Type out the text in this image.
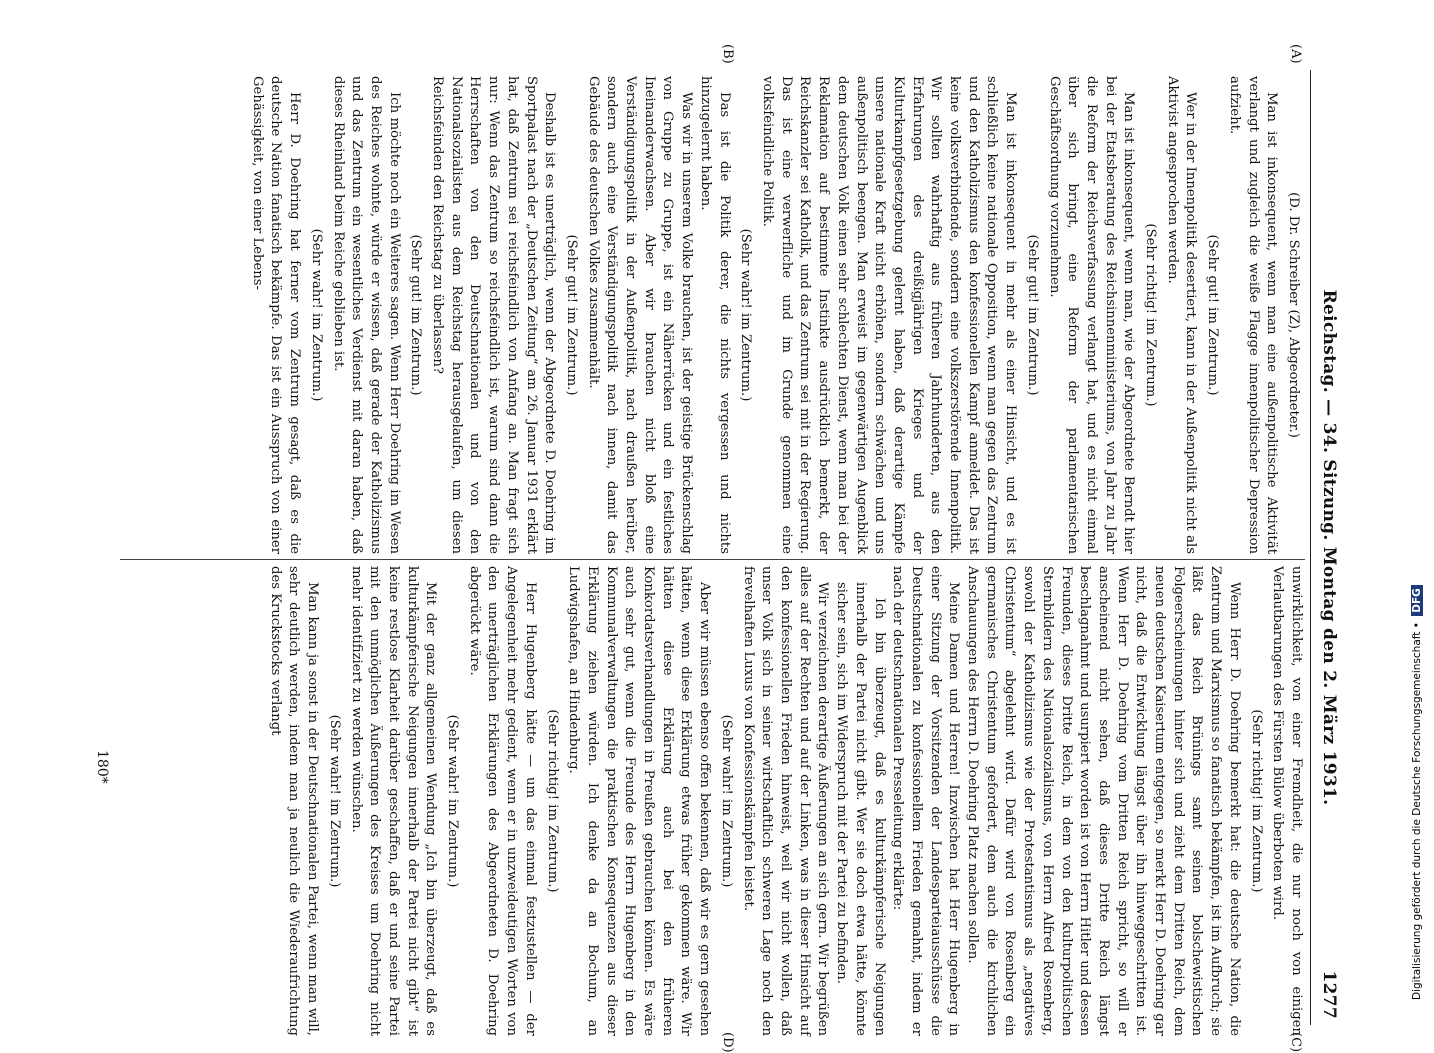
Reichstag. — 34. Sitzung. Montag den 2. März 1931.
1277
(A)
(B)
(C)
(D)

(D. Dr. Schreiber (Z), Abgeordneter.)

Man ist inkonsequent, wenn man eine außenpolitische Aktivität verlangt und zugleich die weiße Flagge innenpolitischer Depression aufzieht.

(Sehr gut! im Zentrum.)

Wer in der Innenpolitik desertiert, kann in der Außenpolitik nicht als Aktivist angesprochen werden.

(Sehr richtig! im Zentrum.)

Man ist inkonsequent, wenn man, wie der Abgeordnete Berndt hier bei der Etatsberatung des Reichsinnenministeriums, von Jahr zu Jahr die Reform der Reichsverfassung verlangt hat, und es nicht einmal über sich bringt, eine Reform der parlamentarischen Geschäftsordnung vorzunehmen.

(Sehr gut! im Zentrum.)

Man ist inkonsequent in mehr als einer Hinsicht, und es ist schließlich keine nationale Opposition, wenn man gegen das Zentrum und den Katholizismus den konfessionellen Kampf anmeldet. Das ist keine volksverbindende, sondern eine volkszerstörende Innenpolitik. Wir sollten wahrhaftig aus früheren Jahrhunderten, aus den Erfahrungen des dreißigjährigen Krieges und der Kulturkampfgesetzgebung gelernt haben, daß derartige Kämpfe unsere nationale Kraft nicht erhöhen, sondern schwächen und uns außenpolitisch beengen. Man erweist im gegenwärtigen Augenblick dem deutschen Volk einen sehr schlechten Dienst, wenn man bei der Reklamation auf bestimmte Instinkte ausdrücklich bemerkt, der Reichskanzler sei Katholik, und das Zentrum sei mit in der Regierung. Das ist eine verwerfliche und im Grunde genommen eine volksfeindliche Politik.

(Sehr wahr! im Zentrum.)

Das ist die Politik derer, die nichts vergessen und nichts hinzugelernt haben.

Was wir in unserem Volke brauchen, ist der geistige Brückenschlag von Gruppe zu Gruppe, ist ein Näherrücken und ein festliches Ineinanderwachsen. Aber wir brauchen nicht bloß eine Verständigungspolitik in der Außenpolitik, nach draußen herüber, sondern auch eine Verständigungspolitik nach innen, damit das Gebäude des deutschen Volkes zusammenhält.

(Sehr gut! im Zentrum.)

Deshalb ist es unerträglich, wenn der Abgeordnete D. Doehring im Sportpalast nach der „Deutschen Zeitung“ am 26. Januar 1931 erklärt hat, daß Zentrum sei reichsfeindlich von Anfang an. Man fragt sich nur: Wenn das Zentrum so reichsfeindlich ist, warum sind dann die Herrschaften von den Deutschnationalen und von den Nationalsozialisten aus dem Reichstag herausgelaufen, um diesen Reichsfeinden den Reichstag zu überlassen?

(Sehr gut! im Zentrum.)

Ich möchte noch ein Weiteres sagen. Wenn Herr Doehring im Wesen des Reiches wohnte, würde er wissen, daß gerade der Katholizismus und das Zentrum ein wesentliches Verdienst mit daran haben, daß dieses Rheinland beim Reiche geblieben ist.

(Sehr wahr! im Zentrum.)

Herr D. Doehring hat ferner vom Zentrum gesagt, daß es die deutsche Nation fanatisch bekämpfe. Das ist ein Ausspruch von einer Gehässigkeit, von einer Lebens-

unwirklichkeit, von einer Fremdheit, die nur noch von einigen Verlautbarungen des Fürsten Bülow überboten wird.

(Sehr richtig! im Zentrum.)

Wenn Herr D. Doehring bemerkt hat: die deutsche Nation, die Zentrum und Marxismus so fanatisch bekämpfen, ist im Aufbruch; sie läßt das Reich Brünings samt seinen bolschewistischen Folgeerscheinungen hinter sich und zieht dem Dritten Reich, dem neuen deutschen Kaisertum entgegen, so merkt Herr D. Doehring gar nicht, daß die Entwicklung längst über ihn hinweggeschritten ist. Wenn Herr D. Doehring vom Dritten Reich spricht, so will er anscheinend nicht sehen, daß dieses Dritte Reich längst beschlagnahmt und usurpiert worden ist von Herrn Hitler und dessen Freunden, dieses Dritte Reich, in dem von den kulturpolitischen Sternbildern des Nationalsozialismus, von Herrn Alfred Rosenberg, sowohl der Katholizismus wie der Protestantismus als „negatives Christentum“ abgelehnt wird. Dafür wird von Rosenberg ein germanisches Christentum gefordert, dem auch die kirchlichen Anschauungen des Herrn D. Doehring Platz machen sollen.

Meine Damen und Herren! Inzwischen hat Herr Hugenberg in einer Sitzung der Vorsitzenden der Landesparteiausschüsse die Deutschnationalen zu konfessionellem Frieden gemahnt, indem er nach der deutschnationalen Presseleitung erklärte:

Ich bin überzeugt, daß es kulturkämpferische Neigungen innerhalb der Partei nicht gibt. Wer sie doch etwa hätte, könnte sicher sein, sich im Widerspruch mit der Partei zu befinden.

Wir verzeichnen derartige Äußerungen an sich gern. Wir begrüßen alles auf der Rechten und auf der Linken, was in dieser Hinsicht auf den konfessionellen Frieden hinweist, weil wir nicht wollen, daß unser Volk sich in seiner wirtschaftlich schweren Lage noch den frevelhaften Luxus von Konfessionskämpfen leistet.

(Sehr wahr! im Zentrum.)

Aber wir müssen ebenso offen bekennen, daß wir es gern gesehen hätten, wenn diese Erklärung etwas früher gekommen wäre. Wir hätten diese Erklärung auch bei den früheren Konkordatsverhandlungen in Preußen gebrauchen können. Es wäre auch sehr gut, wenn die Freunde des Herrn Hugenberg in den Kommunalverwaltungen die praktischen Konsequenzen aus dieser Erklärung ziehen würden. Ich denke da an Bochum, an Ludwigshafen, an Hindenburg.

(Sehr richtig! im Zentrum.)

Herr Hugenberg hätte — um das einmal festzustellen — der Angelegenheit mehr gedient, wenn er in unzweideutigen Worten von den unerträglichen Erklärungen des Abgeordneten D. Doehring abgerückt wäre.

(Sehr wahr! im Zentrum.)

Mit der ganz allgemeinen Wendung „Ich bin überzeugt, daß es kulturkämpferische Neigungen innerhalb der Partei nicht gibt“ ist keine restlose Klarheit darüber geschaffen, daß er und seine Partei mit den unmöglichen Äußerungen des Kreises um Doehring nicht mehr identifiziert zu werden wünschen.

(Sehr wahr! im Zentrum.)

Man kann ja sonst in der Deutschnationalen Partei, wenn man will, sehr deutlich werden, indem man ja neulich die Wiederaufrichtung des Kruckstocks verlangt

180*	Digitalisierung gefördert durch die Deutsche Forschungsgemeinschaft • DFG
